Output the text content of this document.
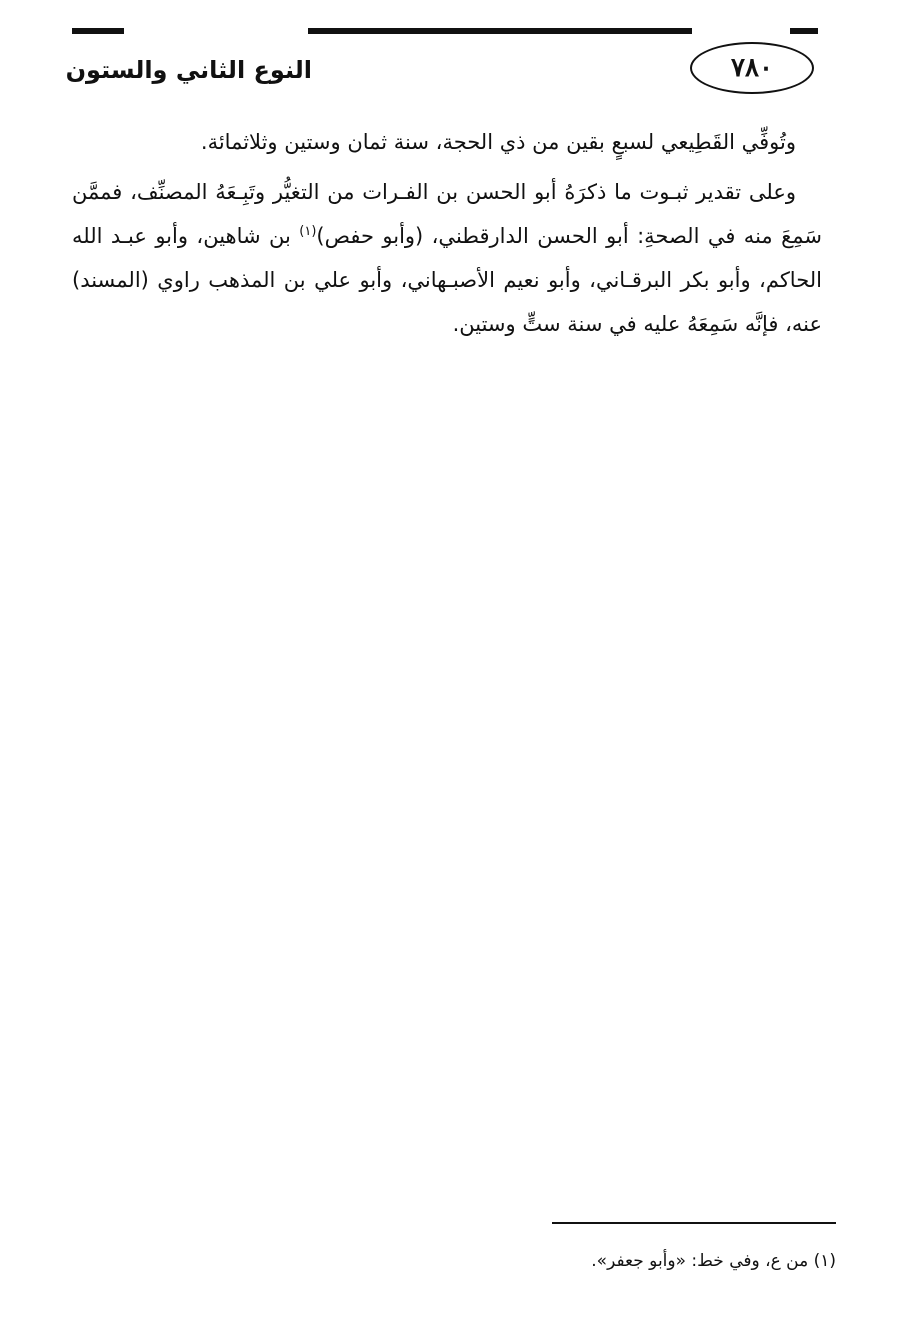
النوع الثاني والستون	٧٨٠

وتُوفِّي القَطِيعي لسبعٍ بقين من ذي الحجة، سنة ثمان وستين وثلاثمائة.

وعلى تقدير ثبـوت ما ذكرَهُ أبو الحسن بن الفـرات من التغيُّر وتَبِـعَهُ المصنِّف، فممَّن سَمِعَ منه في الصحةِ: أبو الحسن الدارقطني، (وأبو حفص)$^{(١)}$ بن شاهين، وأبو عبـد الله الحاكم، وأبو بكر البرقـاني، وأبو نعيم الأصبـهاني، وأبو علي بن المذهب راوي (المسند) عنه، فإنَّه سَمِعَهُ عليه في سنة ستٍّ وستين.

(١) من ع، وفي خط: «وأبو جعفر».
